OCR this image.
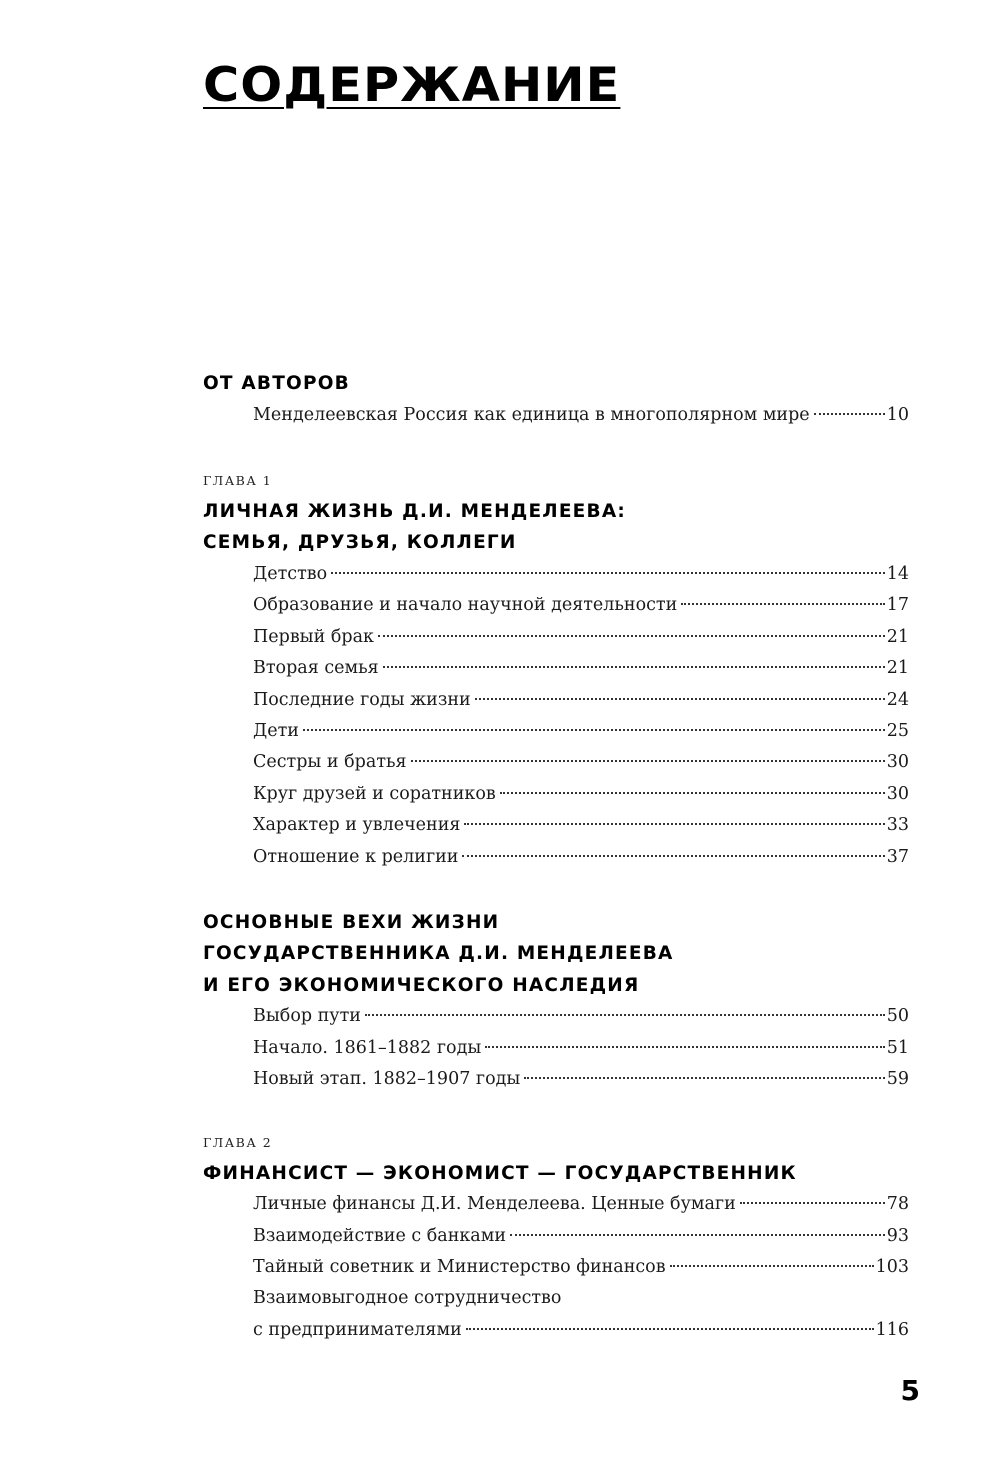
СОДЕРЖАНИЕ
ОТ АВТОРОВ
Менделеевская Россия как единица в многополярном мире	10
ГЛАВА 1
ЛИЧНАЯ ЖИЗНЬ Д.И. МЕНДЕЛЕЕВА:
СЕМЬЯ, ДРУЗЬЯ, КОЛЛЕГИ
Детство	14
Образование и начало научной деятельности	17
Первый брак	21
Вторая семья	21
Последние годы жизни	24
Дети	25
Сестры и братья	30
Круг друзей и соратников	30
Характер и увлечения	33
Отношение к религии	37
ОСНОВНЫЕ ВЕХИ ЖИЗНИ
ГОСУДАРСТВЕННИКА Д.И. МЕНДЕЛЕЕВА
И ЕГО ЭКОНОМИЧЕСКОГО НАСЛЕДИЯ
Выбор пути	50
Начало. 1861–1882 годы	51
Новый этап. 1882–1907 годы	59
ГЛАВА 2
ФИНАНСИСТ — ЭКОНОМИСТ — ГОСУДАРСТВЕННИК
Личные финансы Д.И. Менделеева. Ценные бумаги	78
Взаимодействие с банками	93
Тайный советник и Министерство финансов	103
Взаимовыгодное сотрудничество
с предпринимателями	116
5
